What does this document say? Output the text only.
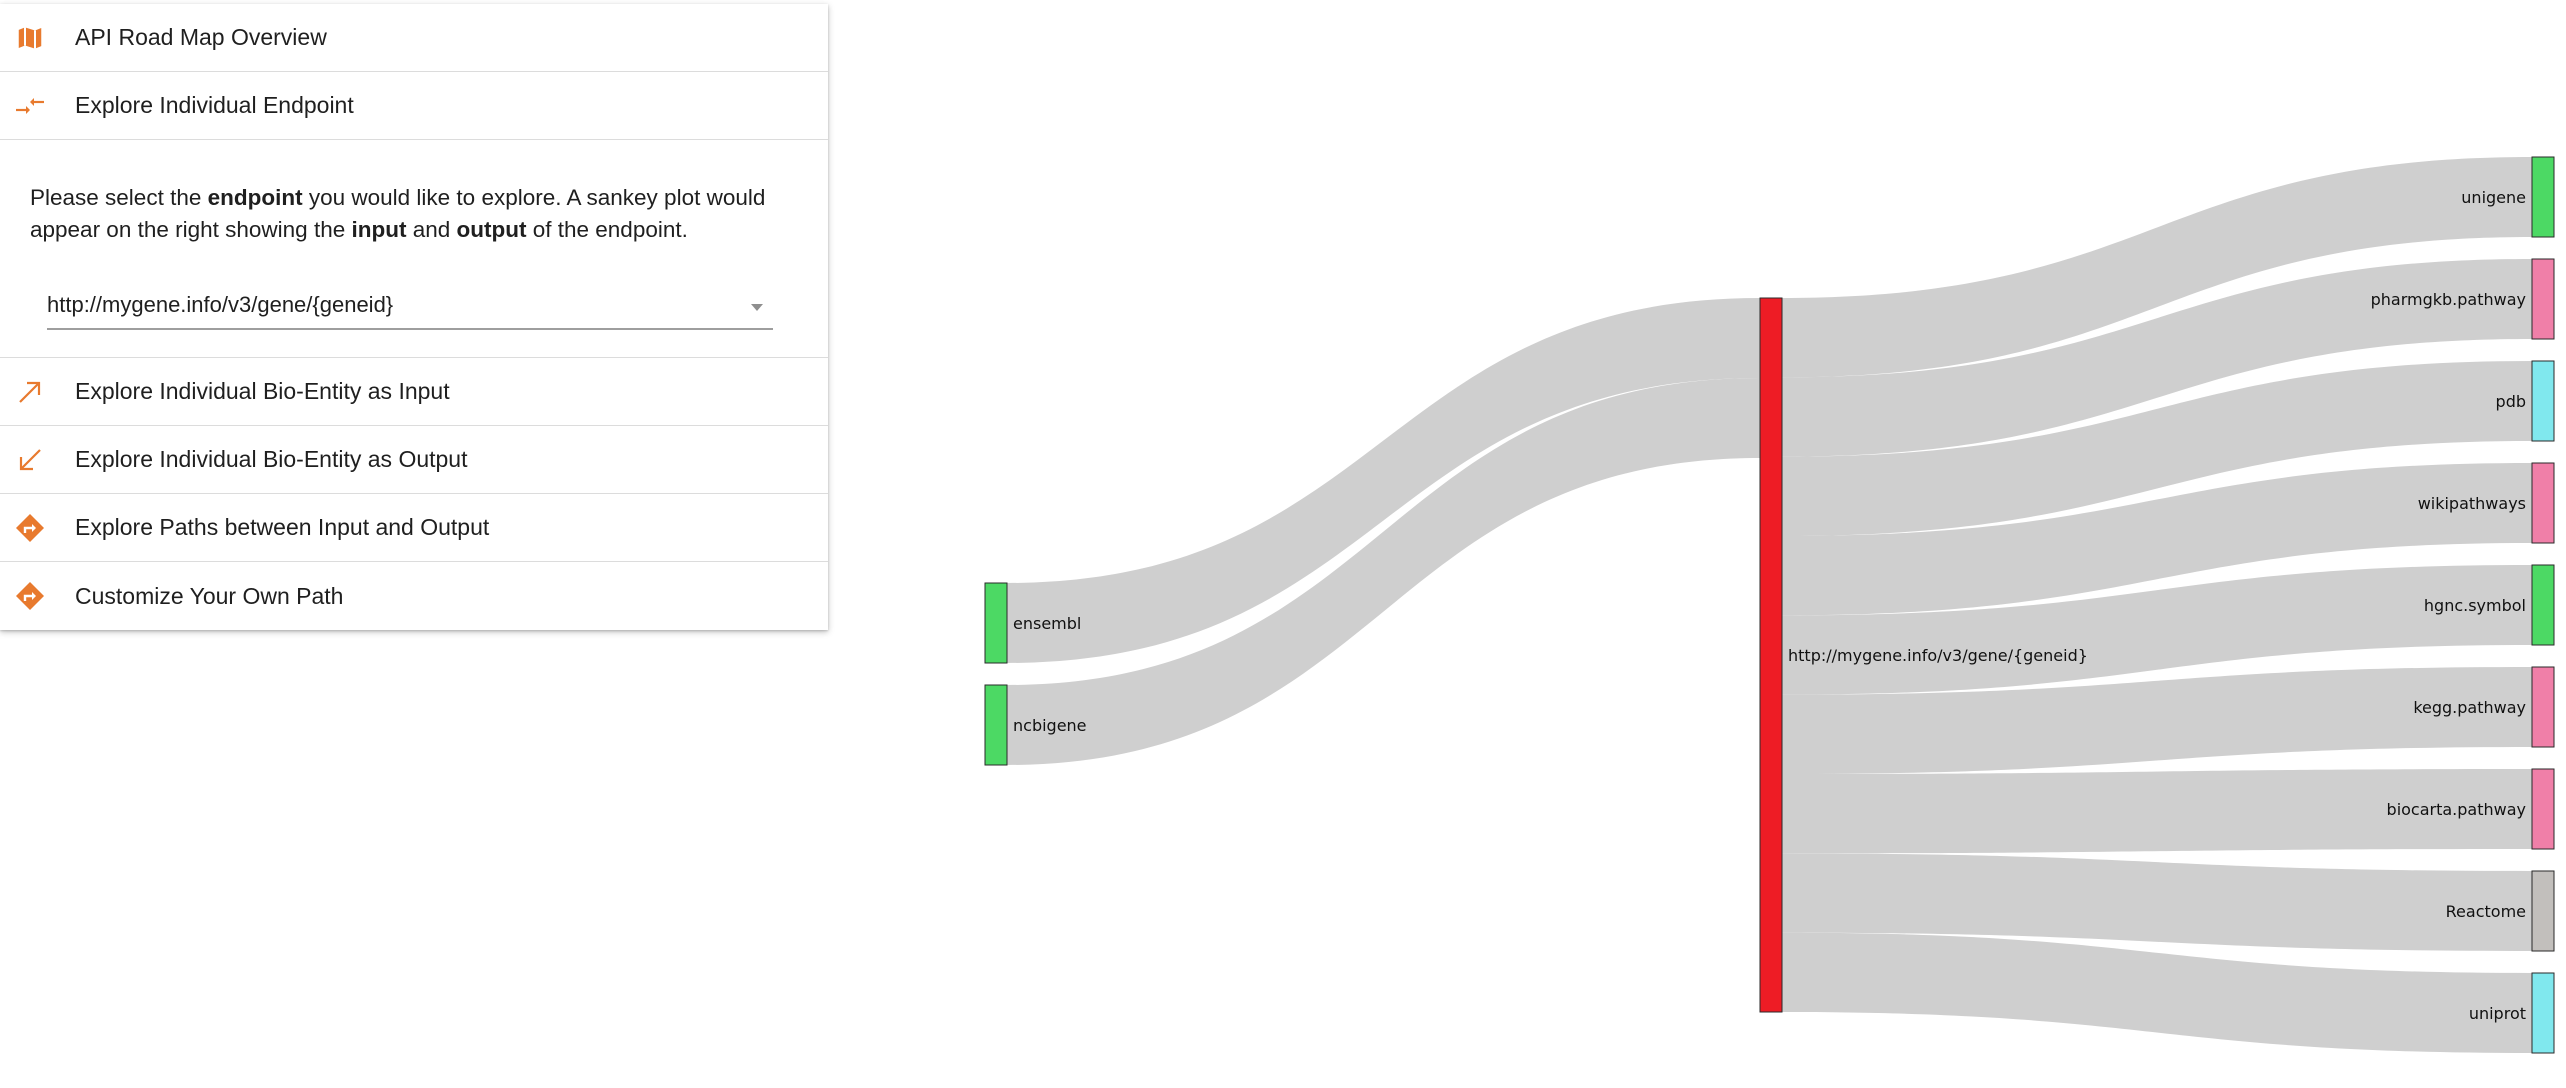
ensembl
ncbigene
unigene
pharmgkb.pathway
pdb
wikipathways
hgnc.symbol
kegg.pathway
biocarta.pathway
Reactome
uniprot
http://mygene.info/v3/gene/{geneid}
API Road Map Overview
Explore Individual Endpoint
Please select the endpoint you would like to explore. A sankey plot would appear on the right showing the input and output of the endpoint.
http://mygene.info/v3/gene/{geneid}
Explore Individual Bio-Entity as Input
Explore Individual Bio-Entity as Output
Explore Paths between Input and Output
Customize Your Own Path
